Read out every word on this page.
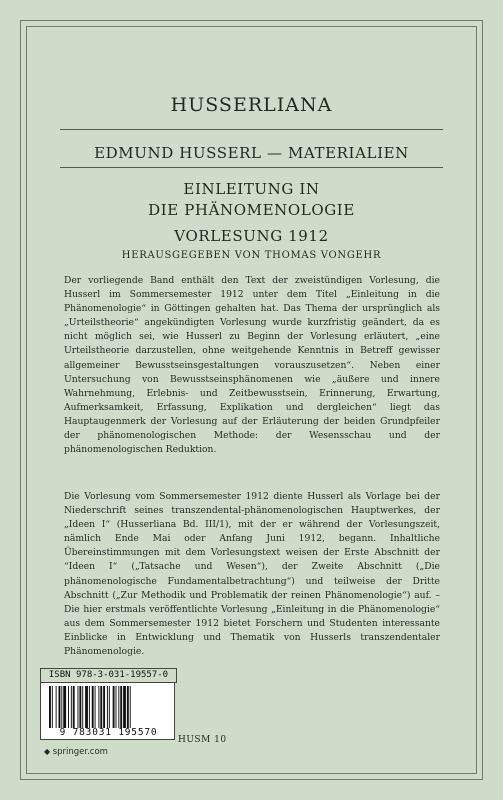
HUSSERLIANA
EDMUND HUSSERL — MATERIALIEN
EINLEITUNG IN
DIE PHÄNOMENOLOGIE
VORLESUNG 1912
HERAUSGEGEBEN VON THOMAS VONGEHR
Der vorliegende Band enthält den Text der zweistündigen Vorlesung, die Husserl im Sommersemester 1912 unter dem Titel „Einleitung in die Phänomenologie“ in Göttingen gehalten hat. Das Thema der ursprünglich als „Urteilstheorie“ angekündigten Vorlesung wurde kurzfristig geändert, da es nicht möglich sei, wie Husserl zu Beginn der Vorlesung erläutert, „eine Urteilstheorie darzustellen, ohne weitgehende Kenntnis in Betreff gewisser allgemeiner Bewusstseinsgestaltungen vorauszusetzen“. Neben einer Untersuchung von Bewusstseinsphänomenen wie „äußere und innere Wahrnehmung, Erlebnis- und Zeitbewusstsein, Erinnerung, Erwartung, Aufmerksamkeit, Erfassung, Explikation und dergleichen“ liegt das Hauptaugenmerk der Vorlesung auf der Erläuterung der beiden Grundpfeiler der phänomenologischen Methode: der Wesensschau und der phänomenologischen Reduktion.
Die Vorlesung vom Sommersemester 1912 diente Husserl als Vorlage bei der Niederschrift seines transzendental-phänomenologischen Hauptwerkes, der „Ideen I“ (Husserliana Bd. III/1), mit der er während der Vorlesungszeit, nämlich Ende Mai oder Anfang Juni 1912, begann. Inhaltliche Übereinstimmungen mit dem Vorlesungstext weisen der Erste Abschnitt der “Ideen I“ („Tatsache und Wesen“), der Zweite Abschnitt („Die phänomenologische Fundamentalbetrachtung“) und teilweise der Dritte Abschnitt („Zur Methodik und Problematik der reinen Phänomenologie“) auf. – Die hier erstmals veröffentlichte Vorlesung „Einleitung in die Phänomenologie“ aus dem Sommersemester 1912 bietet Forschern und Studenten interessante Einblicke in Entwicklung und Thematik von Husserls transzendentaler Phänomenologie.
ISBN 978-3-031-19557-0
9 783031 195570
HUSM 10
◆ springer.com
